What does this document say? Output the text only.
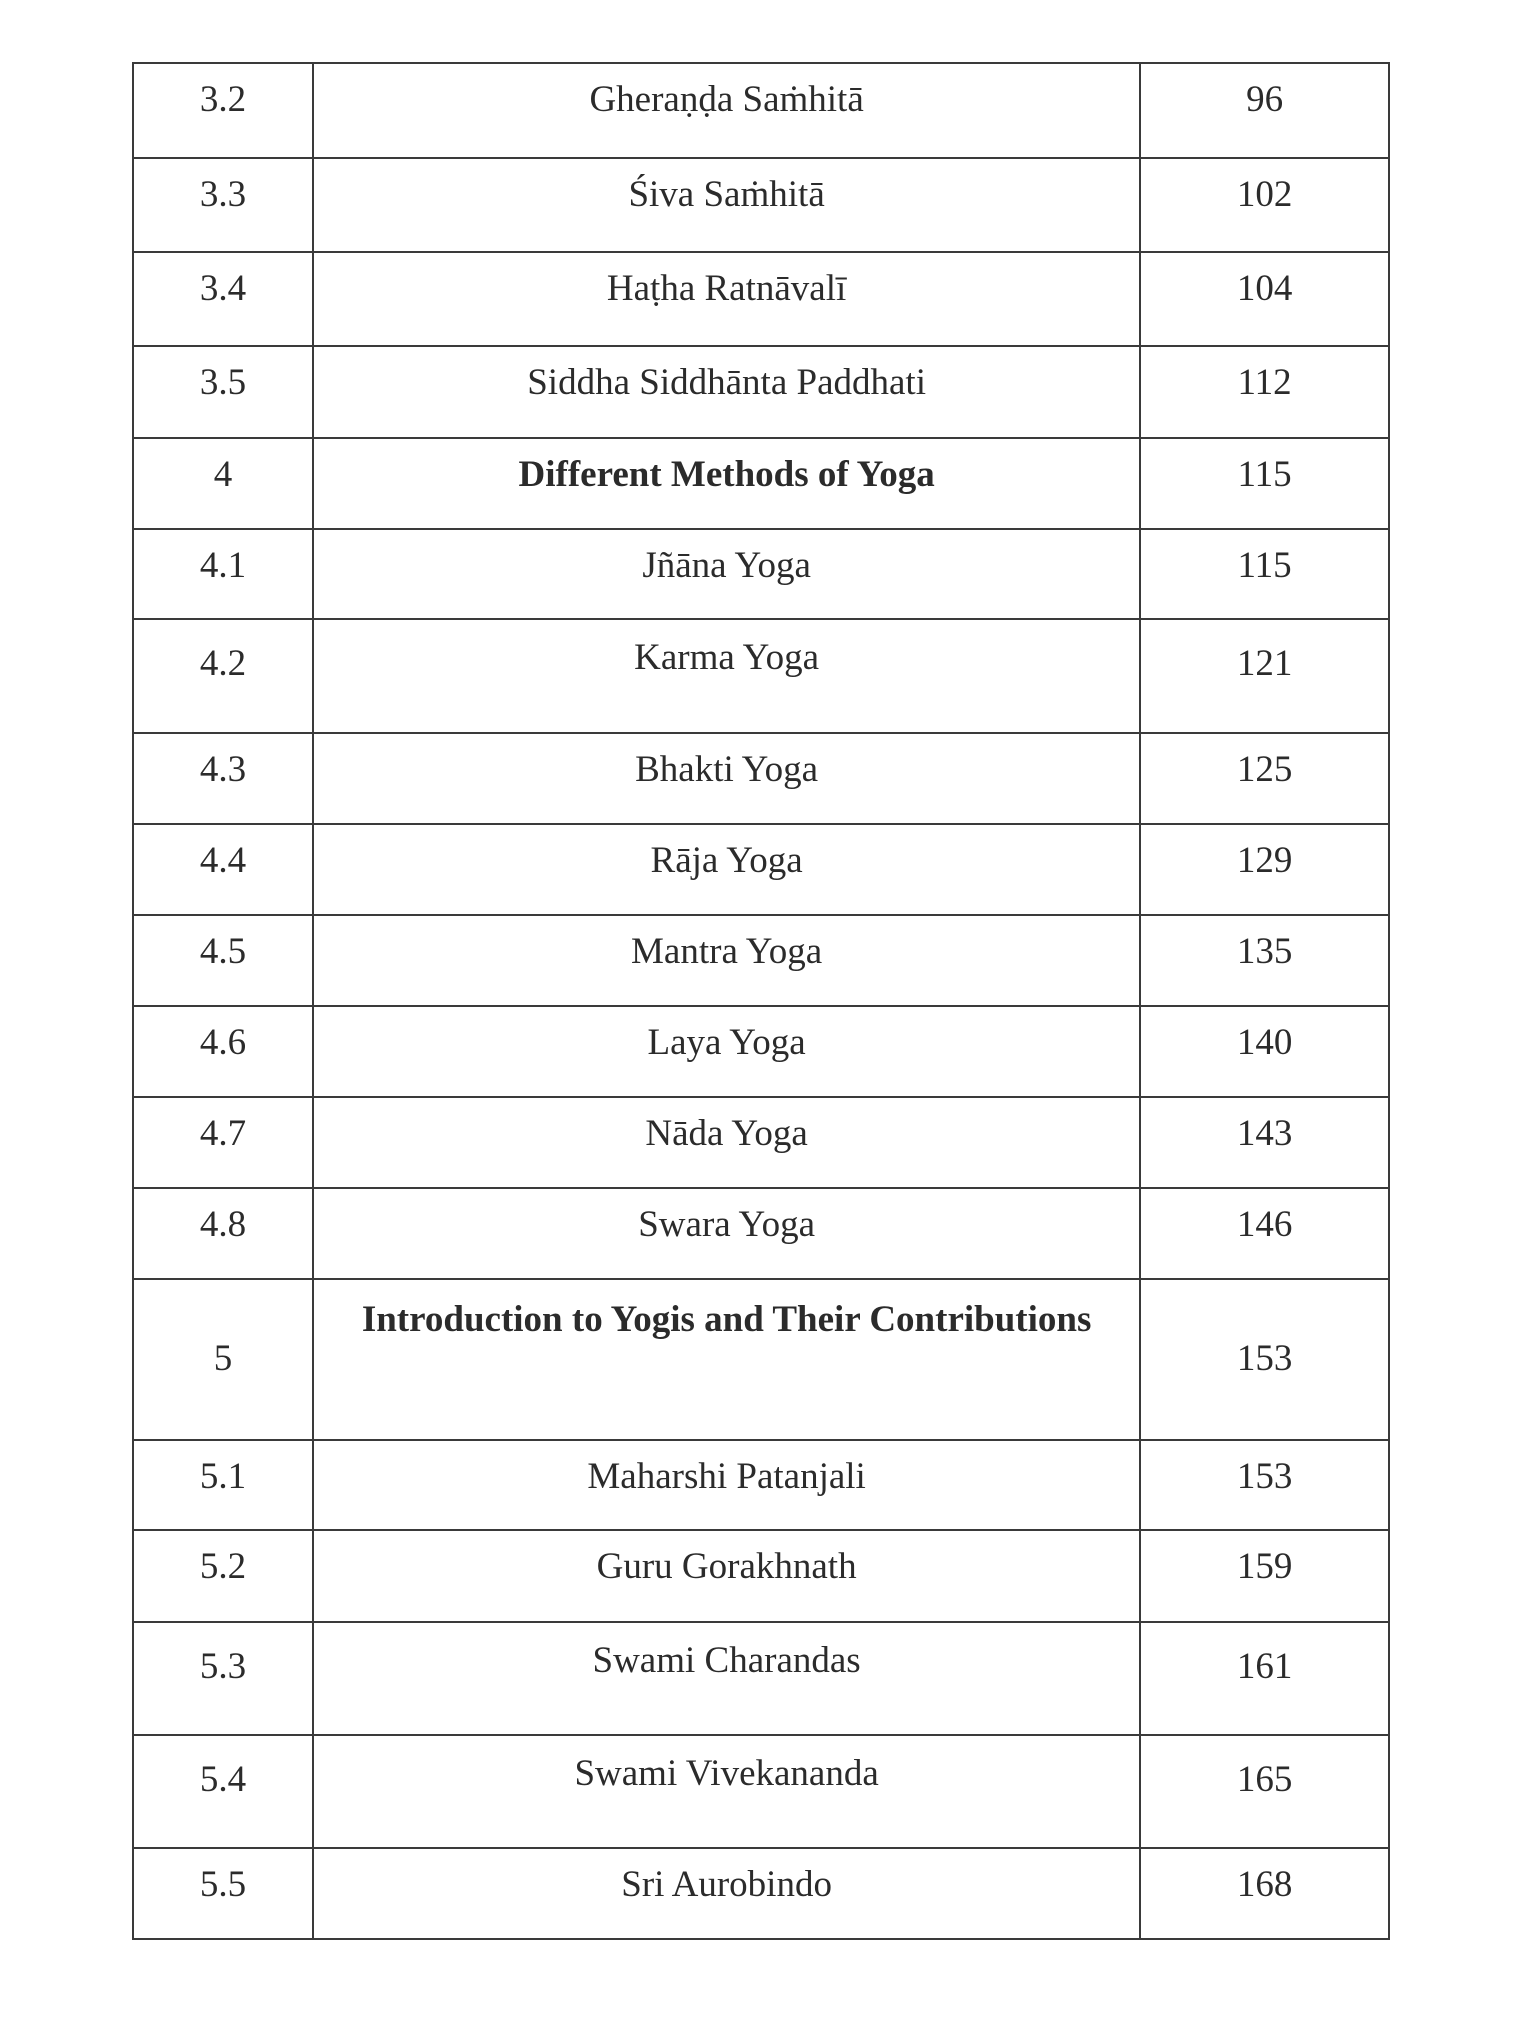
3.2	Gheraṇḍa Saṁhitā	96
3.3	Śiva Saṁhitā	102
3.4	Haṭha Ratnāvalī	104
3.5	Siddha Siddhānta Paddhati	112
4	Different Methods of Yoga	115
4.1	Jñāna Yoga	115
4.2	Karma Yoga	121
4.3	Bhakti Yoga	125
4.4	Rāja Yoga	129
4.5	Mantra Yoga	135
4.6	Laya Yoga	140
4.7	Nāda Yoga	143
4.8	Swara Yoga	146
5	Introduction to Yogis and Their Contributions	153
5.1	Maharshi Patanjali	153
5.2	Guru Gorakhnath	159
5.3	Swami Charandas	161
5.4	Swami Vivekananda	165
5.5	Sri Aurobindo	168
